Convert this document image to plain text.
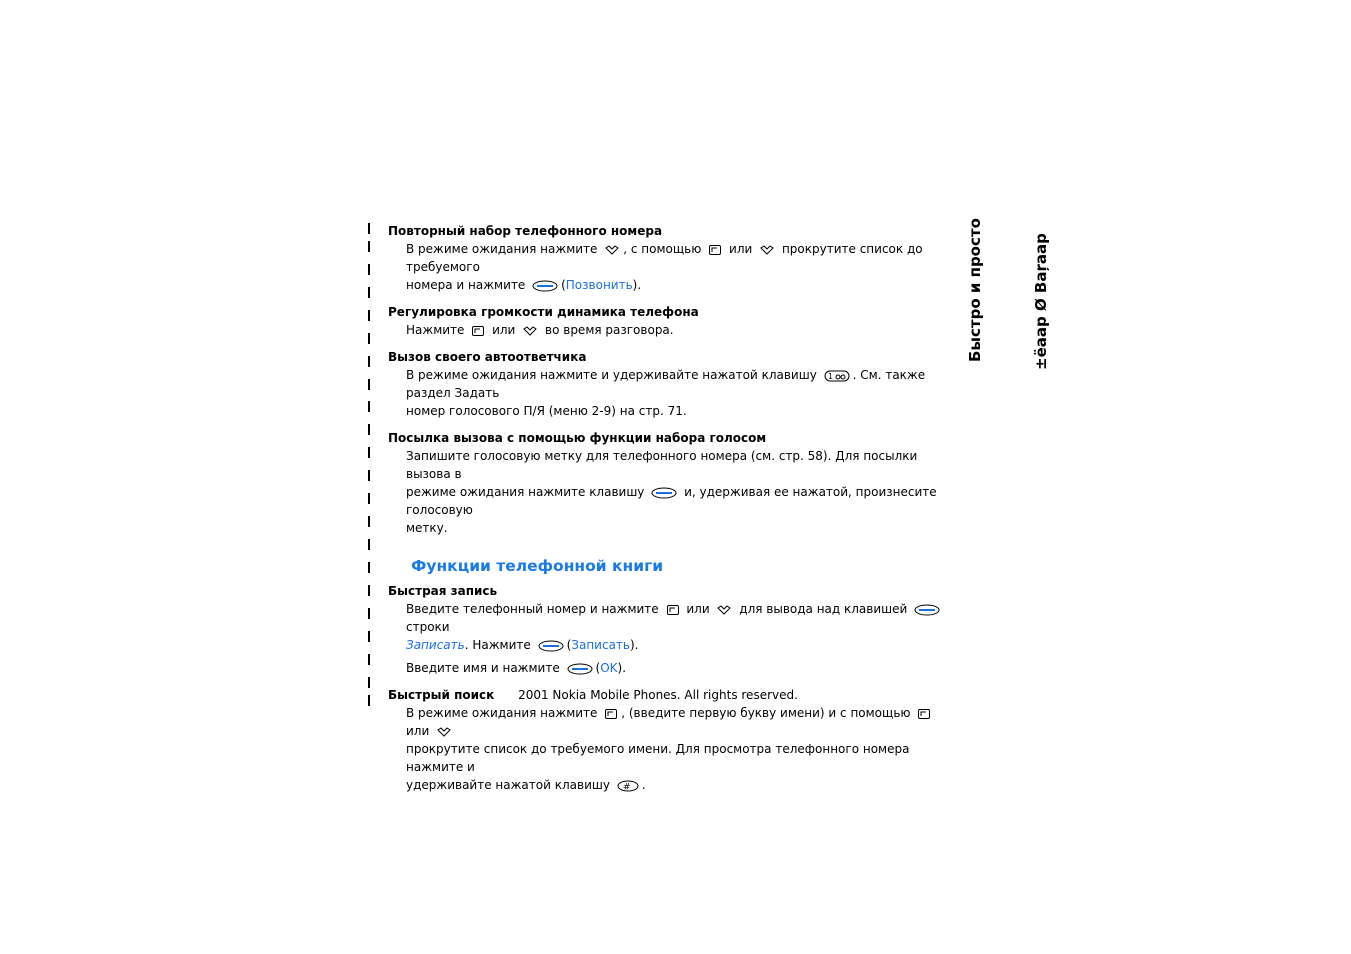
Повторный набор телефонного номера

В режиме ожидания нажмите , с помощью или прокрутите список до требуемого
номера и нажмите	(Позвонить).

Регулировка громкости динамика телефона

Нажмите или во время разговора.

Вызов своего автоответчика

В режиме ожидания нажмите и удерживайте нажатой клавишу 1 . См. также раздел Задать
номер голосового П/Я (меню 2-9) на стр. 71.

Посылка вызова с помощью функции набора голосом

Запишите голосовую метку для телефонного номера (см. стр. 58). Для посылки вызова в
режиме ожидания нажмите клавишу	и, удерживая ее нажатой, произнесите голосовую
метку.

Функции телефонной книги

Быстрая запись

Введите телефонный номер и нажмите или для вывода над клавишей  строки
Записать. Нажмите	(Записать).

Введите имя и нажмите	(OK).

Быстрый поиск

В режиме ожидания нажмите , (введите первую букву имени) и с помощью  или
прокрутите список до требуемого имени. Для просмотра телефонного номера нажмите и
удерживайте нажатой клавишу # .

2001 Nokia Mobile Phones. All rights reserved.
Быстро и просто	±ёаар Ø Ваŗаар
